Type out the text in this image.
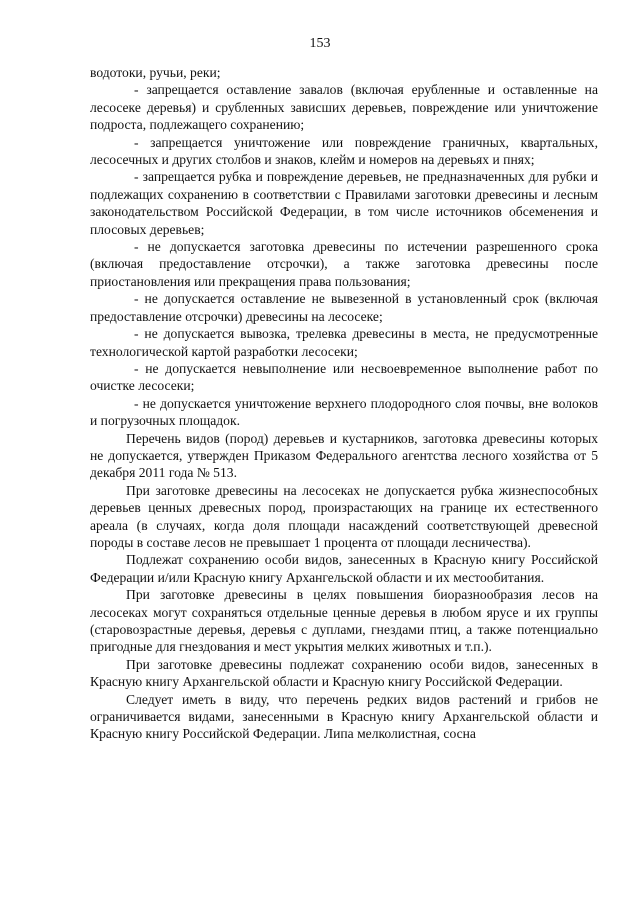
153

водотоки, ручьи, реки;

- запрещается оставление завалов (включая ерубленные и оставленные на лесосеке деревья) и срубленных зависших деревьев, повреждение или уничтожение подроста, подлежащего сохранению;

- запрещается уничтожение или повреждение граничных, квартальных, лесосечных и других столбов и знаков, клейм и номеров на деревьях и пнях;

- запрещается рубка и повреждение деревьев, не предназначенных для рубки и подлежащих сохранению в соответствии с Правилами заготовки древесины и лесным законодательством Российской Федерации, в том числе источников обсеменения и плосовых деревьев;

- не допускается заготовка древесины по истечении разрешенного срока (включая предоставление отсрочки), а также заготовка древесины после приостановления или прекращения права пользования;

- не допускается оставление не вывезенной в установленный срок (включая предоставление отсрочки) древесины на лесосеке;

- не допускается вывозка, трелевка древесины в места, не предусмотренные технологической картой разработки лесосеки;

- не допускается невыполнение или несвоевременное выполнение работ по очистке лесосеки;

- не допускается уничтожение верхнего плодородного слоя почвы, вне волоков и погрузочных площадок.

Перечень видов (пород) деревьев и кустарников, заготовка древесины которых не допускается, утвержден Приказом Федерального агентства лесного хозяйства от 5 декабря 2011 года № 513.

При заготовке древесины на лесосеках не допускается рубка жизнеспособных деревьев ценных древесных пород, произрастающих на границе их естественного ареала (в случаях, когда доля площади насаждений соответствующей древесной породы в составе лесов не превышает 1 процента от площади лесничества).

Подлежат сохранению особи видов, занесенных в Красную книгу Российской Федерации и/или Красную книгу Архангельской области и их местообитания.

При заготовке древесины в целях повышения биоразнообразия лесов на лесосеках могут сохраняться отдельные ценные деревья в любом ярусе и их группы (старовозрастные деревья, деревья с дуплами, гнездами птиц, а также потенциально пригодные для гнездования и мест укрытия мелких животных и т.п.).

При заготовке древесины подлежат сохранению особи видов, занесенных в Красную книгу Архангельской области и Красную книгу Российской Федерации.

Следует иметь в виду, что перечень редких видов растений и грибов не ограничивается видами, занесенными в Красную книгу Архангельской области и Красную книгу Российской Федерации. Липа мелколистная, сосна
